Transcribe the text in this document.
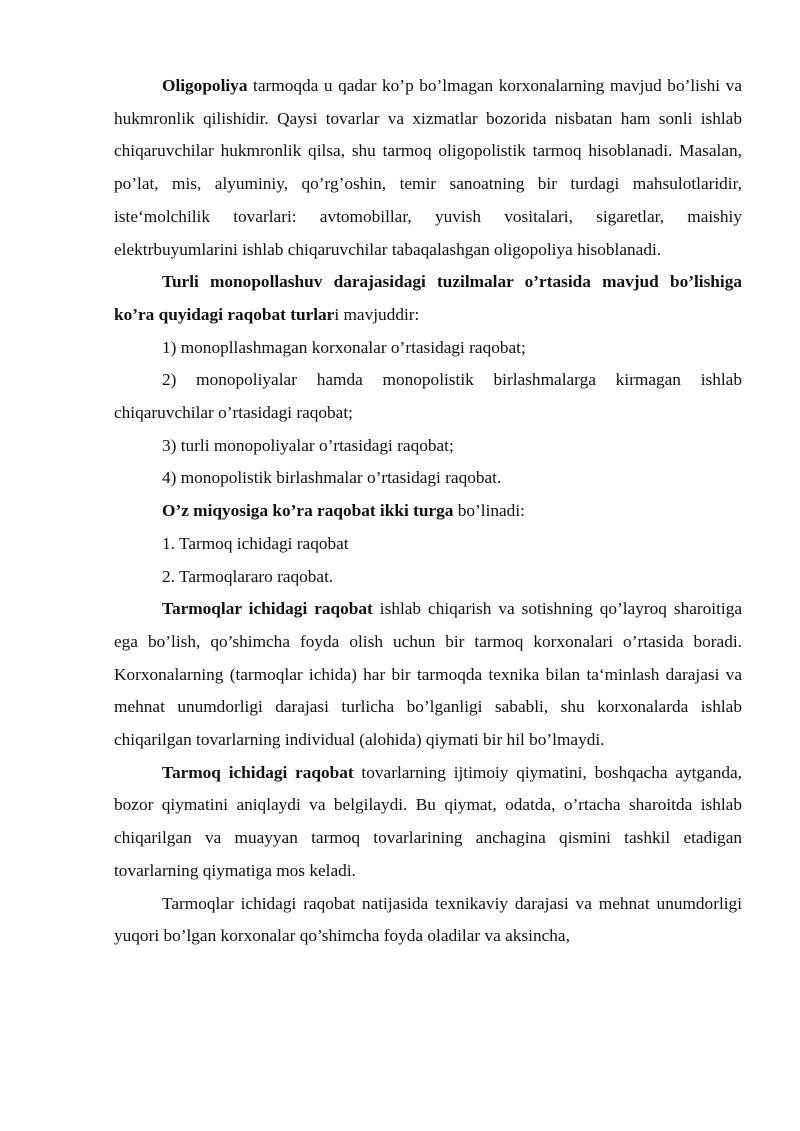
Oligopoliya tarmoqda u qadar ko’p bo’lmagan korxonalarning mavjud bo’lishi va hukmronlik qilishidir. Qaysi tovarlar va xizmatlar bozorida nisbatan ham sonli ishlab chiqaruvchilar hukmronlik qilsa, shu tarmoq oligopolistik tarmoq hisoblanadi. Masalan, po’lat, mis, alyuminiy, qo’rg’oshin, temir sanoatning bir turdagi mahsulotlaridir, iste‘molchilik tovarlari: avtomobillar, yuvish vositalari, sigaretlar, maishiy elektrbuyumlarini ishlab chiqaruvchilar tabaqalashgan oligopoliya hisoblanadi.

Turli monopollashuv darajasidagi tuzilmalar o’rtasida mavjud bo’lishiga ko’ra quyidagi raqobat turlari mavjuddir:

1) monopllashmagan korxonalar o’rtasidagi raqobat;

2) monopoliyalar hamda monopolistik birlashmalarga kirmagan ishlab chiqaruvchilar o’rtasidagi raqobat;

3) turli monopoliyalar o’rtasidagi raqobat;

4) monopolistik birlashmalar o’rtasidagi raqobat.

O’z miqyosiga ko’ra raqobat ikki turga bo’linadi:

1. Tarmoq ichidagi raqobat

2. Tarmoqlararo raqobat.

Tarmoqlar ichidagi raqobat ishlab chiqarish va sotishning qo’layroq sharoitiga ega bo’lish, qo’shimcha foyda olish uchun bir tarmoq korxonalari o’rtasida boradi. Korxonalarning (tarmoqlar ichida) har bir tarmoqda texnika bilan ta‘minlash darajasi va mehnat unumdorligi darajasi turlicha bo’lganligi sababli, shu korxonalarda ishlab chiqarilgan tovarlarning individual (alohida) qiymati bir hil bo’lmaydi.

Tarmoq ichidagi raqobat tovarlarning ijtimoiy qiymatini, boshqacha aytganda, bozor qiymatini aniqlaydi va belgilaydi. Bu qiymat, odatda, o’rtacha sharoitda ishlab chiqarilgan va muayyan tarmoq tovarlarining anchagina qismini tashkil etadigan tovarlarning qiymatiga mos keladi.

Tarmoqlar ichidagi raqobat natijasida texnikaviy darajasi va mehnat unumdorligi yuqori bo’lgan korxonalar qo’shimcha foyda oladilar va aksincha,
